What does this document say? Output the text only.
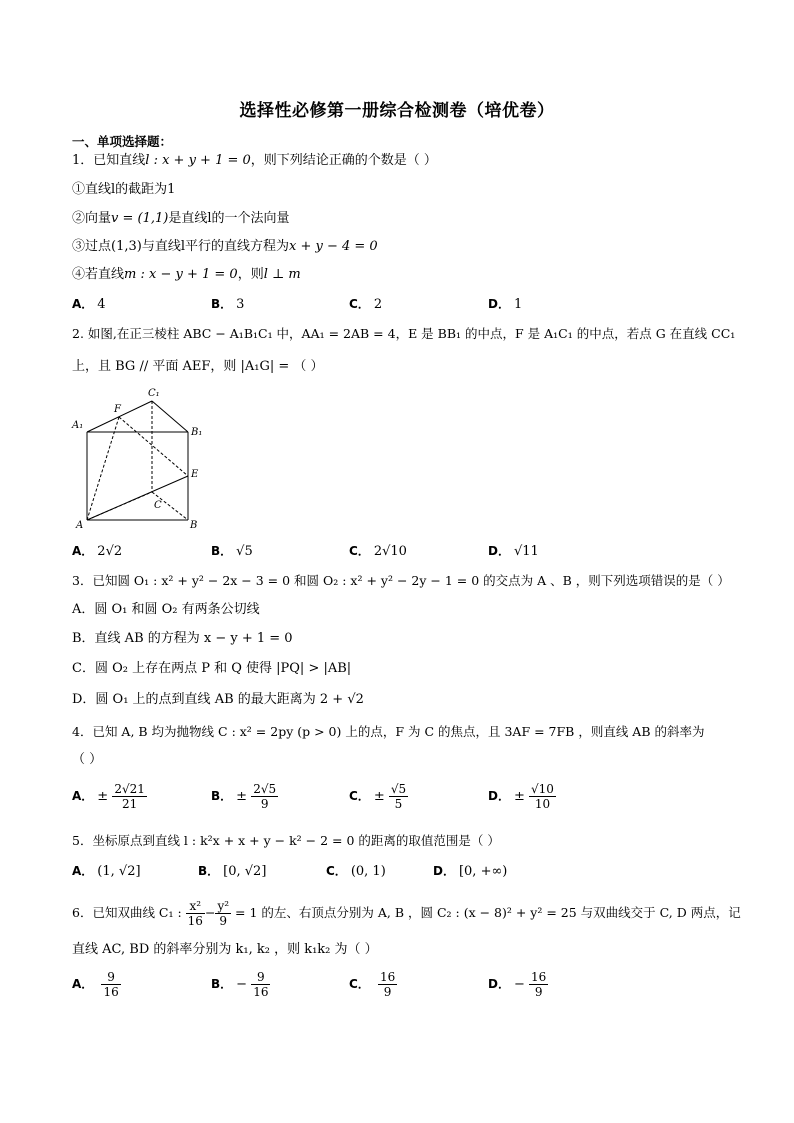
选择性必修第一册综合检测卷（培优卷）
一、单项选择题：
1．已知直线l : x + y + 1 = 0，则下列结论正确的个数是（ ）
①直线l的截距为1
②向量v = (1,1)是直线l的一个法向量
③过点(1,3)与直线l平行的直线方程为x + y − 4 = 0
④若直线m : x − y + 1 = 0，则l ⊥ m
A． 4	B． 3	C． 2	D． 1
2. 如图,在正三棱柱 ABC − A₁B₁C₁ 中，AA₁ = 2AB = 4，E 是 BB₁ 的中点，F 是 A₁C₁ 的中点，若点 G 在直线 CC₁
上，且 BG // 平面 AEF，则 |A₁G| = （ ）
C₁
F
A₁
B₁
E
C
A	B
A． 2√2	B． √5	C． 2√10	D． √11
3．已知圆 O₁ : x² + y² − 2x − 3 = 0 和圆 O₂ : x² + y² − 2y − 1 = 0 的交点为 A 、B ，则下列选项错误的是（ ）
A．圆 O₁ 和圆 O₂ 有两条公切线
B．直线 AB 的方程为 x − y + 1 = 0
C．圆 O₂ 上存在两点 P 和 Q 使得 |PQ| > |AB|
D．圆 O₁ 上的点到直线 AB 的最大距离为 2 + √2
4．已知 A, B 均为抛物线 C : x² = 2py (p > 0) 上的点，F 为 C 的焦点，且 3AF = 7FB ，则直线 AB 的斜率为
（ ）
A． ± $\frac{2√21}{21}$	B． ± $\frac{2√5}{9}$	C． ± $\frac{√5}{5}$	D． ± $\frac{√10}{10}$
5．坐标原点到直线 l : k²x + x + y − k² − 2 = 0 的距离的取值范围是（ ）
A． (1, √2]	B． [0, √2]	C． (0, 1)	D． [0, +∞)
6．已知双曲线 C₁ : $\frac{\text{x²}}{16} - \frac{\text{y²}}{9} = 1$ 的左、右顶点分别为 A, B ，圆 C₂ : (x − 8)² + y² = 25 与双曲线交于 C, D 两点，记
直线 AC, BD 的斜率分别为 k₁, k₂ ，则 k₁k₂ 为（ ）
A． $\frac{9}{16}$	B． − $\frac{9}{16}$	C． $\frac{16}{9}$	D． − $\frac{16}{9}$
